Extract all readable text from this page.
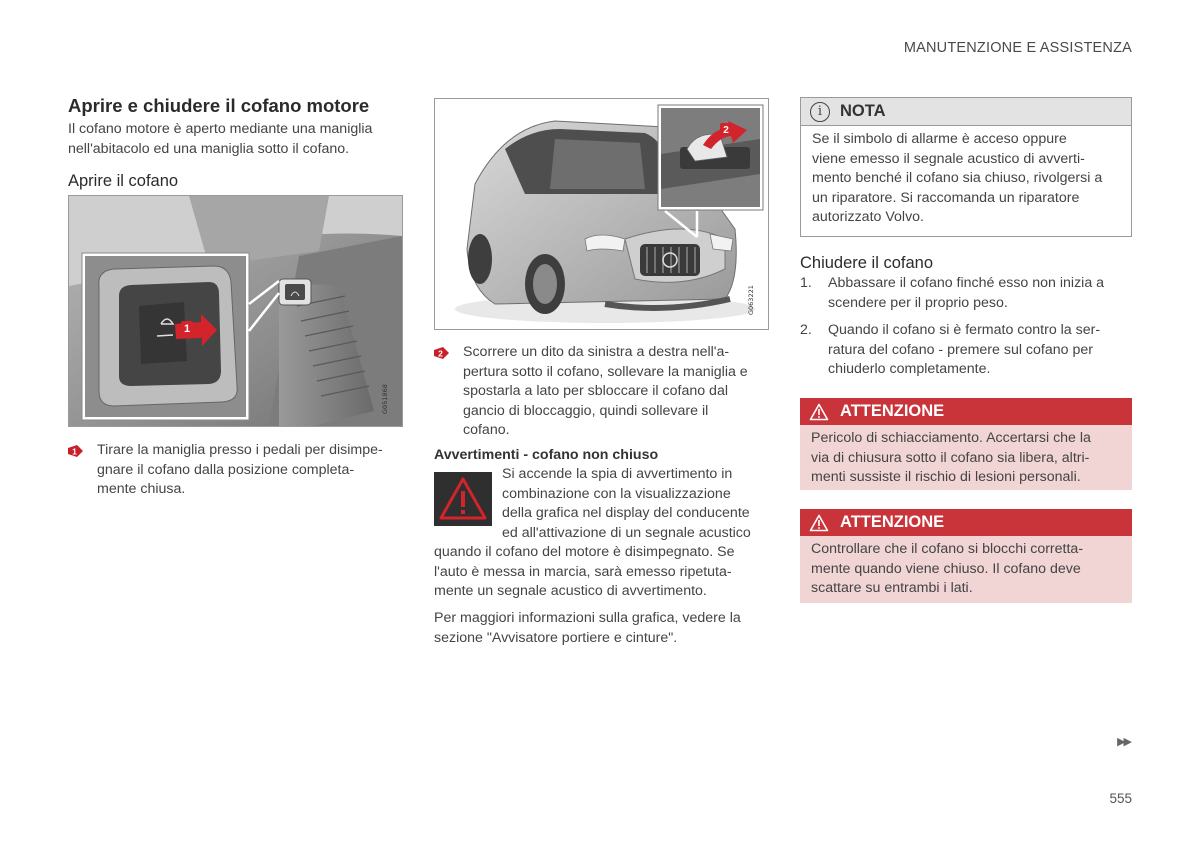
MANUTENZIONE E ASSISTENZA
▶▶
555
Aprire e chiudere il cofano motore
Il cofano motore è aperto mediante una maniglia
nell'abitacolo ed una maniglia sotto il cofano.
Aprire il cofano
1
G051868
1 Tirare la maniglia presso i pedali per disimpe-
gnare il cofano dalla posizione completa-
mente chiusa.
2
G063221
2 Scorrere un dito da sinistra a destra nell'a-
pertura sotto il cofano, sollevare la maniglia e
spostarla a lato per sbloccare il cofano dal
gancio di bloccaggio, quindi sollevare il
cofano.
Avvertimenti - cofano non chiuso
Si accende la spia di avvertimento in
combinazione con la visualizzazione
della grafica nel display del conducente
ed all'attivazione di un segnale acustico
quando il cofano del motore è disimpegnato. Se
l'auto è messa in marcia, sarà emesso ripetuta-
mente un segnale acustico di avvertimento.
Per maggiori informazioni sulla grafica, vedere la
sezione "Avvisatore portiere e cinture".
i	NOTA
Se il simbolo di allarme è acceso oppure
viene emesso il segnale acustico di avverti-
mento benché il cofano sia chiuso, rivolgersi a
un riparatore. Si raccomanda un riparatore
autorizzato Volvo.
Chiudere il cofano
1. Abbassare il cofano finché esso non inizia a
scendere per il proprio peso.
2. Quando il cofano si è fermato contro la ser-
ratura del cofano - premere sul cofano per
chiuderlo completamente.
ATTENZIONE
Pericolo di schiacciamento. Accertarsi che la
via di chiusura sotto il cofano sia libera, altri-
menti sussiste il rischio di lesioni personali.
ATTENZIONE
Controllare che il cofano si blocchi corretta-
mente quando viene chiuso. Il cofano deve
scattare su entrambi i lati.
